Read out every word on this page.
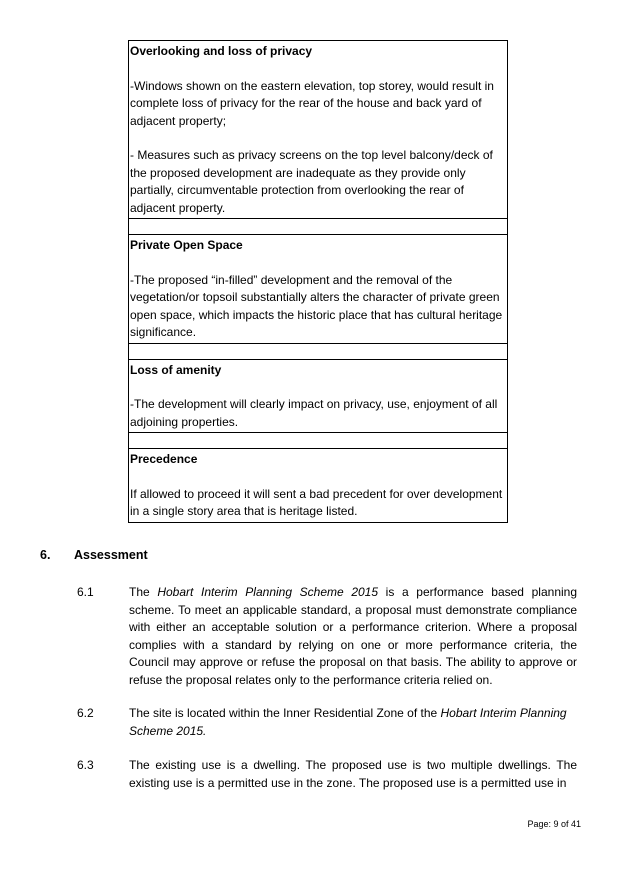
Overlooking and loss of privacy

-Windows shown on the eastern elevation, top storey, would result in complete loss of privacy for the rear of the house and back yard of adjacent property;

- Measures such as privacy screens on the top level balcony/deck of the proposed development are inadequate as they provide only partially, circumventable protection from overlooking the rear of adjacent property.

Private Open Space

-The proposed “in-filled” development and the removal of the vegetation/or topsoil substantially alters the character of private green open space, which impacts the historic place that has cultural heritage significance.

Loss of amenity

-The development will clearly impact on privacy, use, enjoyment of all adjoining properties.

Precedence

If allowed to proceed it will sent a bad precedent for over development in a single story area that is heritage listed.

6. Assessment
6.1	The Hobart Interim Planning Scheme 2015 is a performance based planning scheme. To meet an applicable standard, a proposal must demonstrate compliance with either an acceptable solution or a performance criterion. Where a proposal complies with a standard by relying on one or more performance criteria, the Council may approve or refuse the proposal on that basis. The ability to approve or refuse the proposal relates only to the performance criteria relied on.
6.2	The site is located within the Inner Residential Zone of the Hobart Interim Planning Scheme 2015.
6.3	The existing use is a dwelling. The proposed use is two multiple dwellings. The existing use is a permitted use in the zone. The proposed use is a permitted use in
Page: 9 of 41
